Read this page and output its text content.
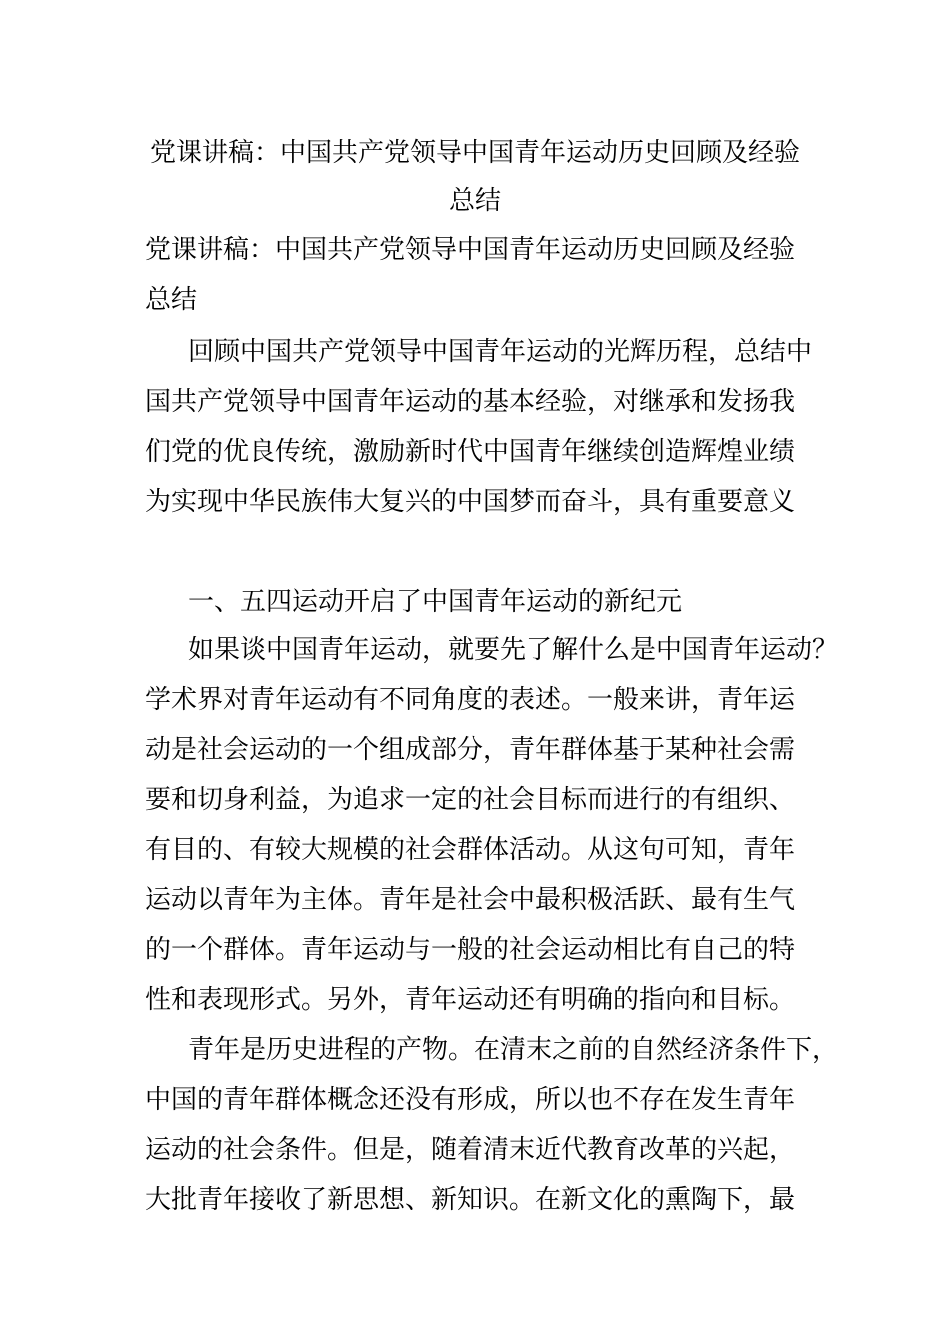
党课讲稿：中国共产党领导中国青年运动历史回顾及经验
总结
党课讲稿：中国共产党领导中国青年运动历史回顾及经验
总结
回顾中国共产党领导中国青年运动的光辉历程，总结中
国共产党领导中国青年运动的基本经验，对继承和发扬我
们党的优良传统，激励新时代中国青年继续创造辉煌业绩
为实现中华民族伟大复兴的中国梦而奋斗，具有重要意义
一、五四运动开启了中国青年运动的新纪元
如果谈中国青年运动，就要先了解什么是中国青年运动？
学术界对青年运动有不同角度的表述。一般来讲，青年运
动是社会运动的一个组成部分，青年群体基于某种社会需
要和切身利益，为追求一定的社会目标而进行的有组织、
有目的、有较大规模的社会群体活动。从这句可知，青年
运动以青年为主体。青年是社会中最积极活跃、最有生气
的一个群体。青年运动与一般的社会运动相比有自己的特
性和表现形式。另外，青年运动还有明确的指向和目标。
青年是历史进程的产物。在清末之前的自然经济条件下，
中国的青年群体概念还没有形成，所以也不存在发生青年
运动的社会条件。但是，随着清末近代教育改革的兴起，
大批青年接收了新思想、新知识。在新文化的熏陶下，最
